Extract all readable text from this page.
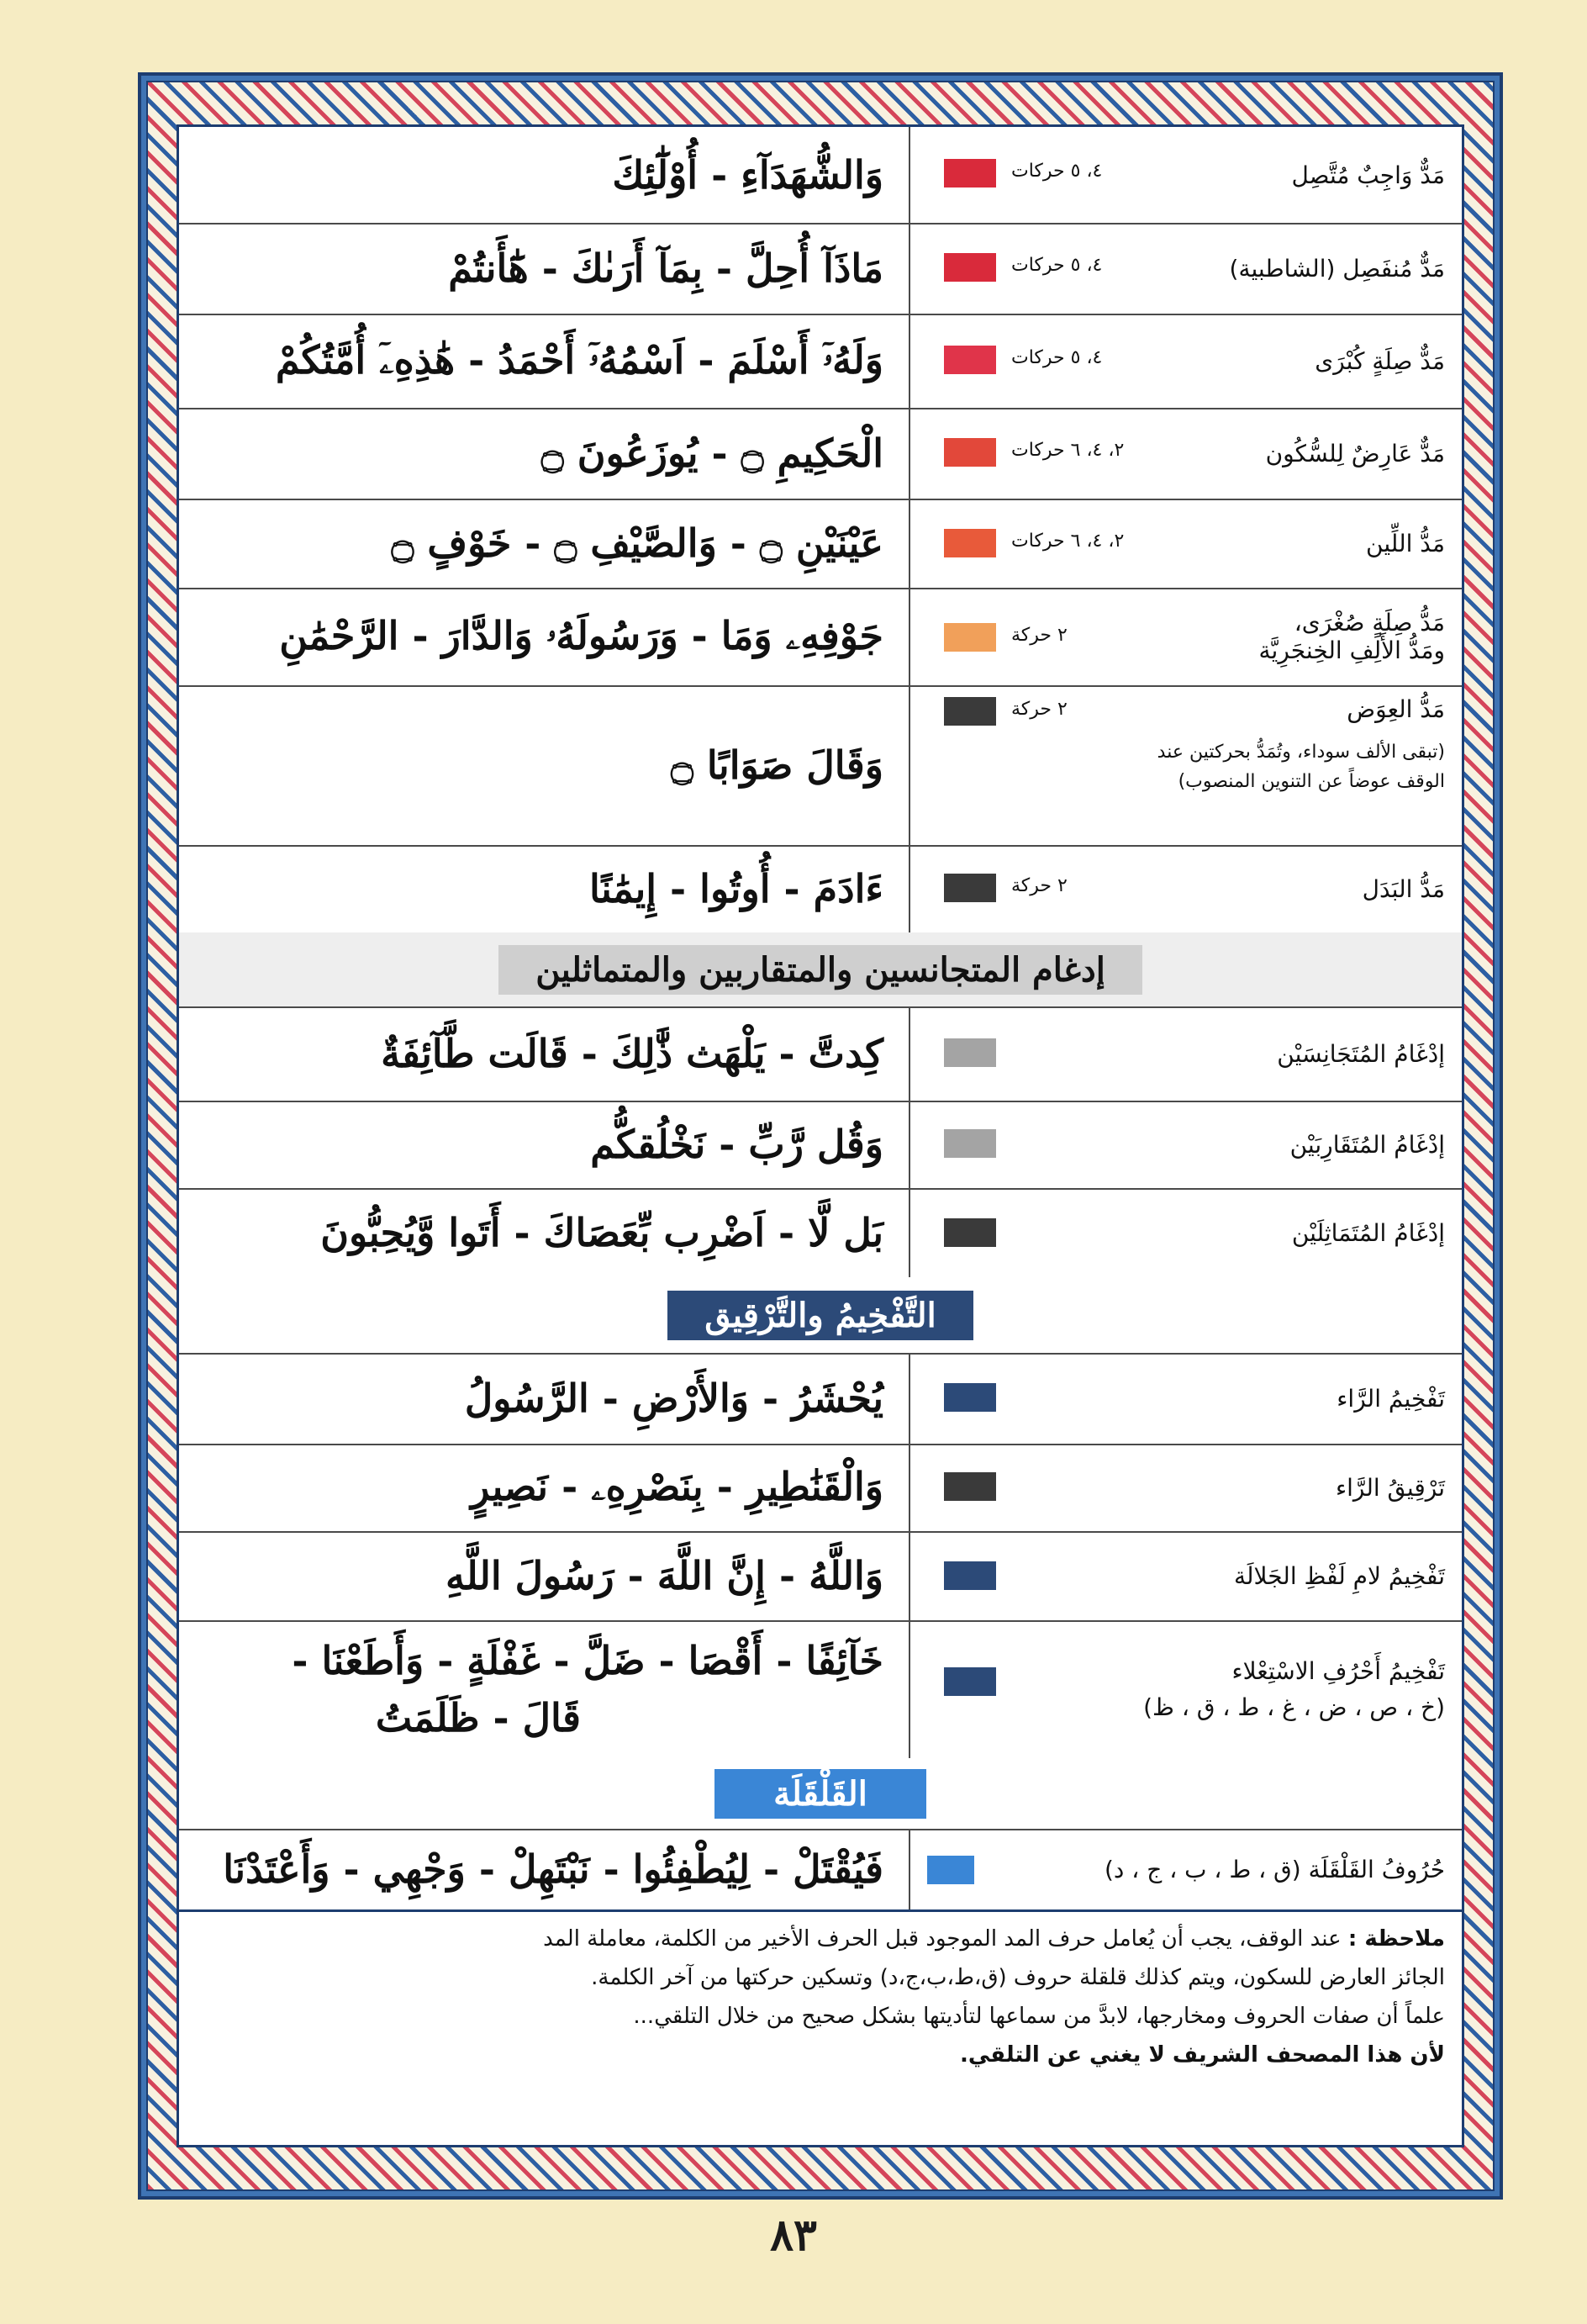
مَدٌّ وَاجِبٌ مُتَّصِل
٤، ٥ حركات
وَالشُّهَدَآءِ - أُوْلَٰٓئِكَ
مَدٌّ مُنفَصِل (الشاطبية)
٤، ٥ حركات
مَاذَآ أُحِلَّ - بِمَآ أَرَىٰكَ - هَٰٓأَنتُمْ
مَدٌّ صِلَةٍ كُبْرَى
٤، ٥ حركات
وَلَهُۥٓ أَسْلَمَ - اَسْمُهُۥٓ أَحْمَدُ - هَٰذِهِۦٓ أُمَّتُكُمْ
مَدٌّ عَارِضٌ لِلسُّكُون
٢، ٤، ٦ حركات
الْحَكِيمِ ۝ - يُوزَعُونَ ۝
مَدُّ اللِّين
٢، ٤، ٦ حركات
عَيْنَيْنِ ۝ - وَالصَّيْفِ ۝ - خَوْفٍ ۝
مَدُّ صِلَةٍ صُغْرَى،
ومَدُّ الأَلِفِ الخِنجَرِيَّة
٢ حركة
جَوْفِهِۦ وَمَا - وَرَسُولَهُۥ وَالدَّارَ - الرَّحْمَٰنِ
مَدُّ العِوَض
(تبقى الألف سوداء، وتُمَدُّ بحركتين عند
الوقف عوضاً عن التنوين المنصوب)
٢ حركة
وَقَالَ صَوَابًا ۝
مَدُّ البَدَل
٢ حركة
ءَادَمَ - أُوتُوا - إِيمَٰنًا
إدغام المتجانسين والمتقاربين والمتماثلين
إدْغَامُ المُتَجَانِسَيْن
كِدتَّ - يَلْهَث ذَّٰلِكَ - قَالَت طَّآئِفَةٌ
إدْغَامُ المُتَقَارِبَيْن
وَقُل رَّبِّ - نَخْلُقكُّم
إدْغَامُ المُتَمَاثِلَيْن
بَل لَّا - اَضْرِب بِّعَصَاكَ - أَتَوا وَّيُحِبُّونَ
التَّفْخِيمُ والتَّرْقِيق
تَفْخِيمُ الرَّاء
يُحْشَرُ - وَالأَرْضِ - الرَّسُولُ
تَرْقِيقُ الرَّاء
وَالْقَنَٰطِيرِ - بِنَصْرِهِۦ - نَصِيرٍ
تَفْخِيمُ لامِ لَفْظِ الجَلالَة
وَاللَّهُ - إِنَّ اللَّهَ - رَسُولَ اللَّهِ
تَفْخِيمُ أَحْرُفِ الاسْتِعْلاء
(خ ، ص ، ض ، غ ، ط ، ق ، ظ)
خَآئِفًا - أَقْصَا - ضَلَّ - غَفْلَةٍ - وَأَطَعْنَا -
قَالَ - ظَلَمَتُ
القَلْقَلَة
حُرُوفُ القَلْقَلَة (ق ، ط ، ب ، ج ، د)
فَيُقْتَلْ - لِيُطْفِئُوا - نَبْتَهِلْ - وَجْهِي - وَأَعْتَدْنَا
ملاحظة : عند الوقف، يجب أن يُعامل حرف المد الموجود قبل الحرف الأخير من الكلمة، معاملة المد
الجائز العارض للسكون، ويتم كذلك قلقلة حروف (ق،ط،ب،ج،د) وتسكين حركتها من آخر الكلمة.
علماً أن صفات الحروف ومخارجها، لابدَّ من سماعها لتأديتها بشكل صحيح من خلال التلقي...
لأن هذا المصحف الشريف لا يغني عن التلقي.
٨٣
